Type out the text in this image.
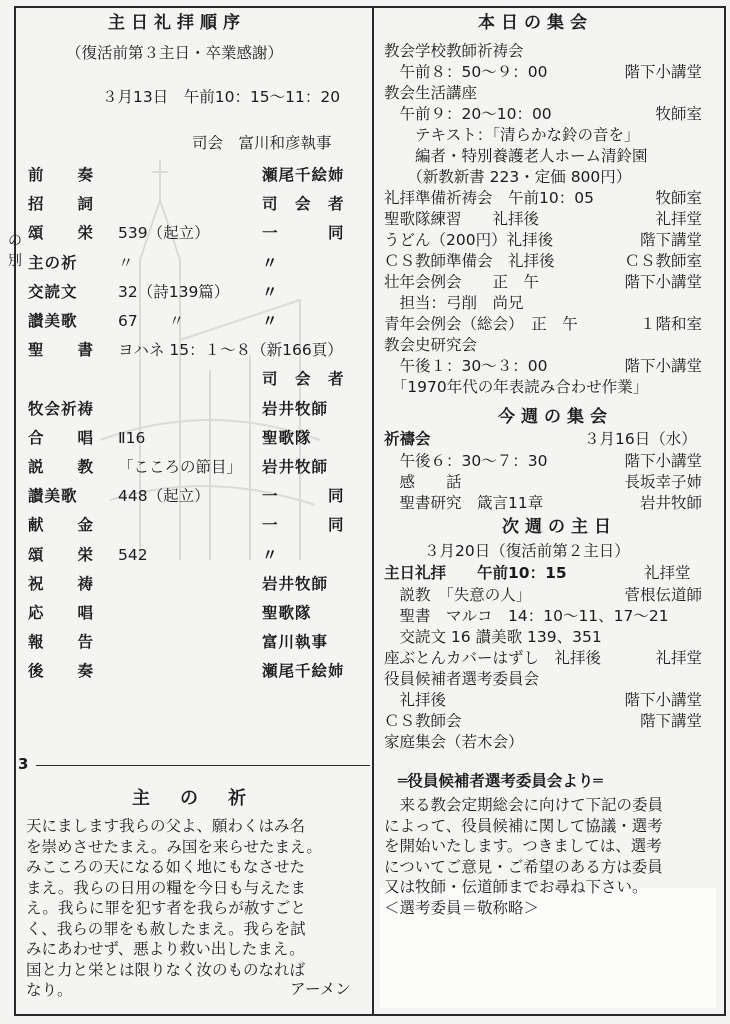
主日礼拝順序
（復活前第３主日・卒業感謝）
３月13日　午前10：15〜11：20
司会　富川和彦執事
前　　奏	瀬尾千絵姉
招　　詞	司　会　者
頌　　栄 539（起立）	一　　　同
主の祈	〃	〃
交読文	32（詩139篇） 〃
讃美歌	67　　〃	〃
聖　　書 ヨハネ 15：１〜８（新166頁）
司　会　者
牧会祈祷	岩井牧師
合　　唱 Ⅱ16	聖歌隊
説　　教 「こころの節目」 岩井牧師
讃美歌	448（起立）	一　　　同
献　　金	一　　　同
頌　　栄 542	〃
祝　　祷	岩井牧師
応　　唱	聖歌隊
報　　告	富川執事
後　　奏	瀬尾千絵姉
の
別
3
主　の　祈
天にまします我らの父よ、願わくはみ名
を崇めさせたまえ。み国を来らせたまえ。
みこころの天になる如く地にもなさせた
まえ。我らの日用の糧を今日も与えたま
え。我らに罪を犯す者を我らが赦すごと
く、我らの罪をも赦したまえ。我らを試
みにあわせず、悪より救い出したまえ。
国と力と栄とは限りなく汝のものなれば
なり。	アーメン
本日の集会
教会学校教師祈祷会
　午前８：50〜９：00	階下小講堂
教会生活講座
　午前９：20〜10：00	牧師室
　　テキスト：「清らかな鈴の音を」
　　編者・特別養護老人ホーム清鈴園
　　（新教新書 223・定価 800円）
礼拝準備祈祷会　午前10：05	牧師室
聖歌隊練習　　礼拝後	礼拝堂
うどん（200円）礼拝後	階下講堂
ＣＳ教師準備会　礼拝後	ＣＳ教師室
壮年会例会　　正　午	階下小講堂
　担当：弓削　尚兄
青年会例会（総会）　正　午	１階和室
教会史研究会
　午後１：30〜３：00	階下小講堂
　「1970年代の年表読み合わせ作業」
今週の集会
祈禱会	３月16日（水）
　午後６：30〜７：30	階下小講堂
　感　　話	長坂幸子姉
　聖書研究　箴言11章	岩井牧師
次週の主日
３月20日（復活前第２主日）
主日礼拝　　午前10：15	礼拝堂
　説教　「失意の人」	菅根伝道師
　聖書　マルコ　14：10〜11、17〜21
　交読文 16 讃美歌 139、351
座ぶとんカバーはずし　礼拝後	礼拝堂
役員候補者選考委員会
　礼拝後	階下小講堂
ＣＳ教師会	階下講堂
家庭集会（若木会）
═役員候補者選考委員会より═
　来る教会定期総会に向けて下記の委員
によって、役員候補に関して協議・選考
を開始いたします。つきましては、選考
についてご意見・ご希望のある方は委員
又は牧師・伝道師までお尋ね下さい。
＜選考委員＝敬称略＞
